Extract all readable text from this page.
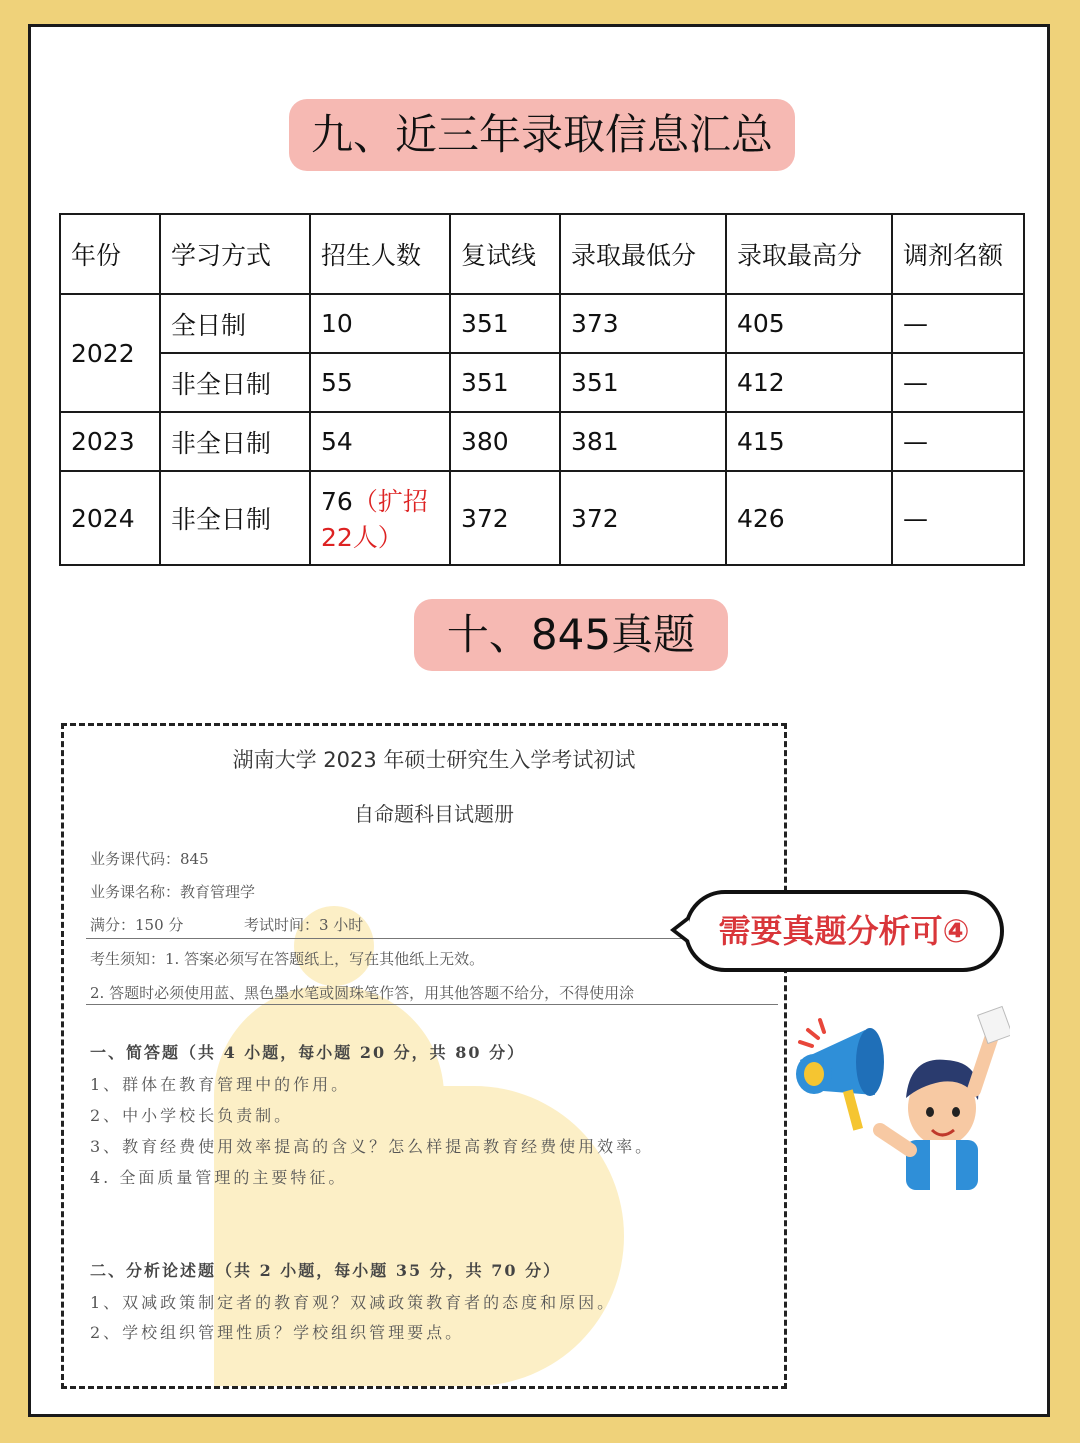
九、近三年录取信息汇总
年份	学习方式	招生人数	复试线	录取最低分	录取最高分	调剂名额
2022	全日制	10	351	373	405	—
	非全日制	55	351	351	412	—
2023	非全日制	54	380	381	415	—
2024	非全日制	76（扩招22人）	372	372	426	—
十、845真题
湖南大学 2023 年硕士研究生入学考试初试
自命题科目试题册
业务课代码：845
业务课名称：教育管理学
满分：150 分	考试时间：3 小时
考生须知：1. 答案必须写在答题纸上，写在其他纸上无效。
2. 答题时必须使用蓝、黑色墨水笔或圆珠笔作答，用其他答题不给分，不得使用涂
一、简答题（共 4 小题，每小题 20 分，共 80 分）
1、群体在教育管理中的作用。
2、中小学校长负责制。
3、教育经费使用效率提高的含义？怎么样提高教育经费使用效率。
4. 全面质量管理的主要特征。
二、分析论述题（共 2 小题，每小题 35 分，共 70 分）
1、双减政策制定者的教育观？双减政策教育者的态度和原因。
2、学校组织管理性质？学校组织管理要点。
需要真题分析可④
